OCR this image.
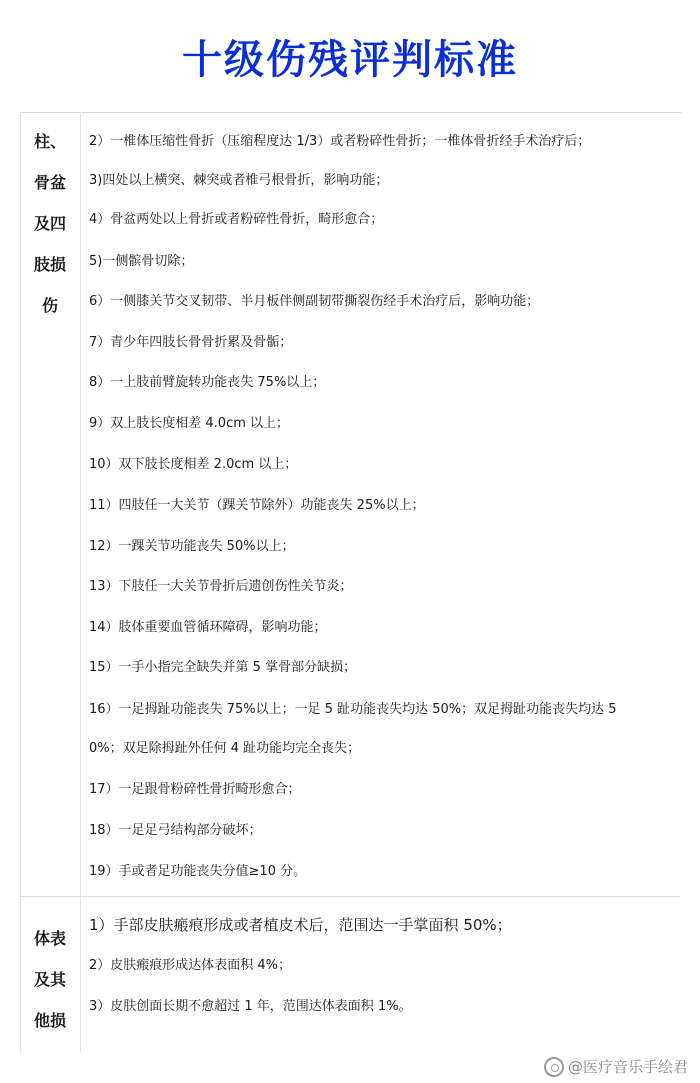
十级伤残评判标准
柱、
骨盆
及四
肢损
伤
2）一椎体压缩性骨折（压缩程度达 1/3）或者粉碎性骨折；一椎体骨折经手术治疗后；
3)四处以上横突、棘突或者椎弓根骨折，影响功能；
4）骨盆两处以上骨折或者粉碎性骨折，畸形愈合；
5)一侧髌骨切除；
6）一侧膝关节交叉韧带、半月板伴侧副韧带撕裂伤经手术治疗后，影响功能；
7）青少年四肢长骨骨折累及骨骺；
8）一上肢前臂旋转功能丧失 75%以上；
9）双上肢长度相差 4.0cm 以上；
10）双下肢长度相差 2.0cm 以上；
11）四肢任一大关节（踝关节除外）功能丧失 25%以上；
12）一踝关节功能丧失 50%以上；
13）下肢任一大关节骨折后遗创伤性关节炎；
14）肢体重要血管循环障碍，影响功能；
15）一手小指完全缺失并第 5 掌骨部分缺损；
16）一足拇趾功能丧失 75%以上；一足 5 趾功能丧失均达 50%；双足拇趾功能丧失均达 5
0%；双足除拇趾外任何 4 趾功能均完全丧失；
17）一足跟骨粉碎性骨折畸形愈合；
18）一足足弓结构部分破坏；
19）手或者足功能丧失分值≥10 分。
体表
及其
他损
1）手部皮肤瘢痕形成或者植皮术后，范围达一手掌面积 50%；
2）皮肤瘢痕形成达体表面积 4%；
3）皮肤创面长期不愈超过 1 年，范围达体表面积 1%。
@医疗音乐手绘君
